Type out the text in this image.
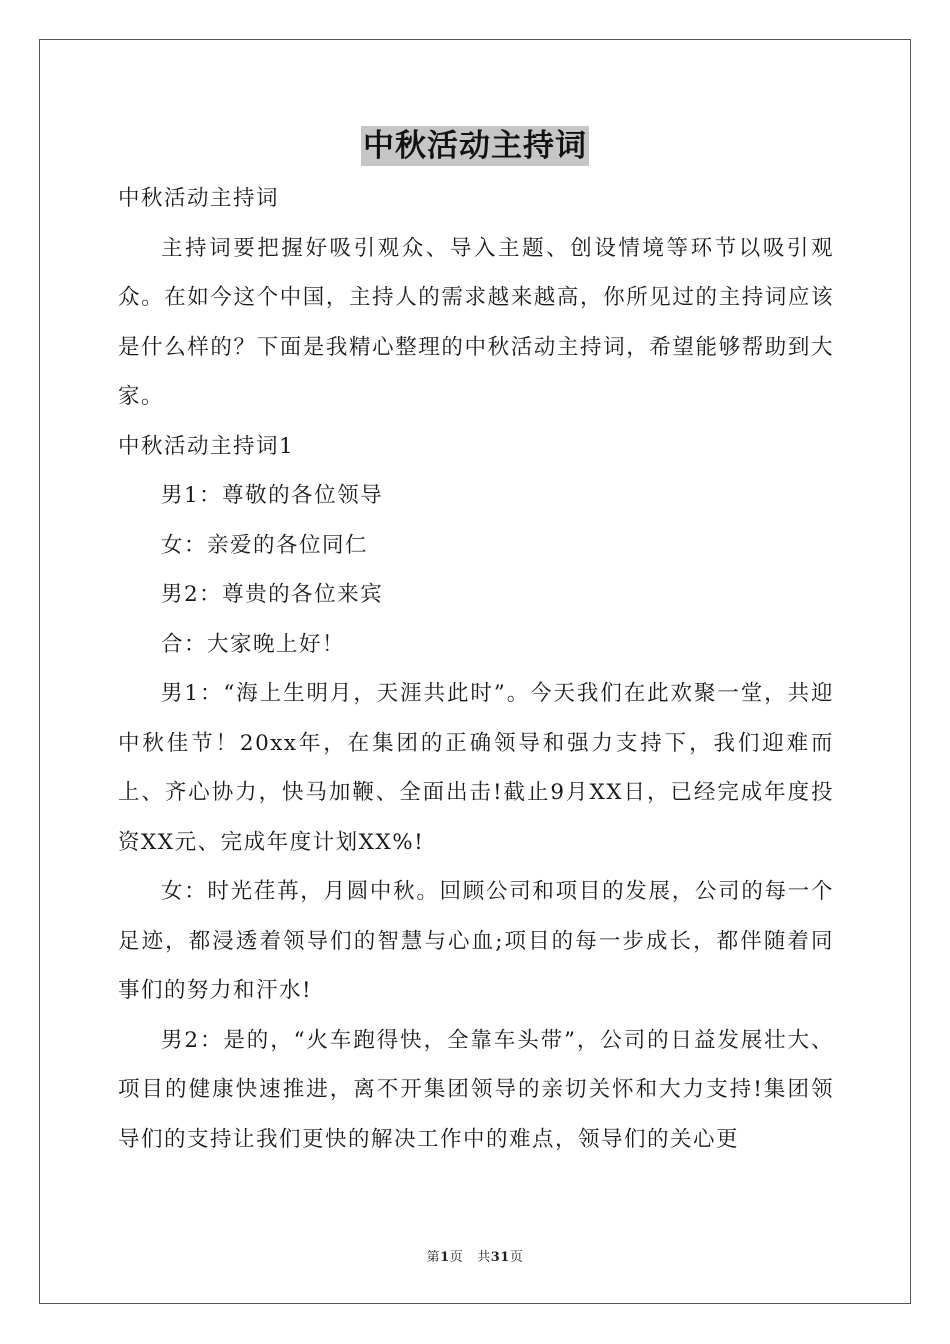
中秋活动主持词

中秋活动主持词

主持词要把握好吸引观众、导入主题、创设情境等环节以吸引观众。在如今这个中国，主持人的需求越来越高，你所见过的主持词应该是什么样的？下面是我精心整理的中秋活动主持词，希望能够帮助到大家。

中秋活动主持词1

男1：尊敬的各位领导

女：亲爱的各位同仁

男2：尊贵的各位来宾

合：大家晚上好！

男1：“海上生明月，天涯共此时”。今天我们在此欢聚一堂，共迎中秋佳节！20xx年，在集团的正确领导和强力支持下，我们迎难而上、齐心协力，快马加鞭、全面出击!截止9月XX日，已经完成年度投资XX元、完成年度计划XX%!

女：时光荏苒，月圆中秋。回顾公司和项目的发展，公司的每一个足迹，都浸透着领导们的智慧与心血;项目的每一步成长，都伴随着同事们的努力和汗水!

男2：是的，“火车跑得快，全靠车头带”，公司的日益发展壮大、项目的健康快速推进，离不开集团领导的亲切关怀和大力支持!集团领导们的支持让我们更快的解决工作中的难点，领导们的关心更

第1页 共31页
